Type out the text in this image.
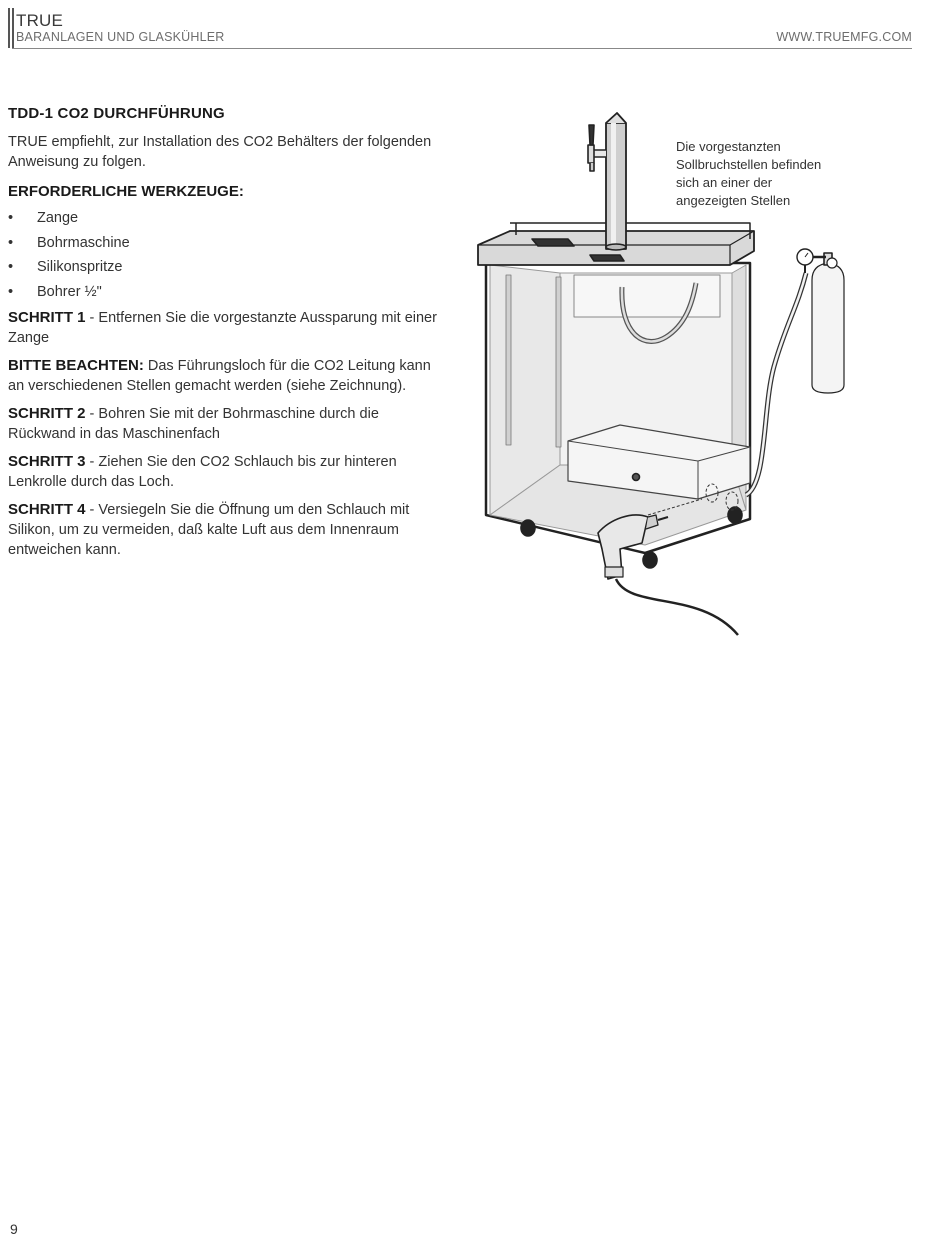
TRUE
BARANLAGEN UND GLASKÜHLER	WWW.TRUEMFG.COM
TDD-1 CO2 DURCHFÜHRUNG

TRUE empfiehlt, zur Installation des CO2 Behälters der folgenden Anweisung zu folgen.

ERFORDERLICHE WERKZEUGE:
• Zange
• Bohrmaschine
• Silikonspritze
• Bohrer ½"

SCHRITT 1 - Entfernen Sie die vorgestanzte Aussparung mit einer Zange

BITTE BEACHTEN: Das Führungsloch für die CO2 Leitung kann an verschiedenen Stellen gemacht werden (siehe Zeichnung).

SCHRITT 2 - Bohren Sie mit der Bohrmaschine durch die Rückwand in das Maschinenfach

SCHRITT 3 - Ziehen Sie den CO2 Schlauch bis zur hinteren Lenkrolle durch das Loch.

SCHRITT 4 - Versiegeln Sie die Öffnung um den Schlauch mit Silikon, um zu vermeiden, daß kalte Luft aus dem Innenraum entweichen kann.

Die vorgestanzten Sollbruchstellen befinden sich an einer der angezeigten Stellen
9
